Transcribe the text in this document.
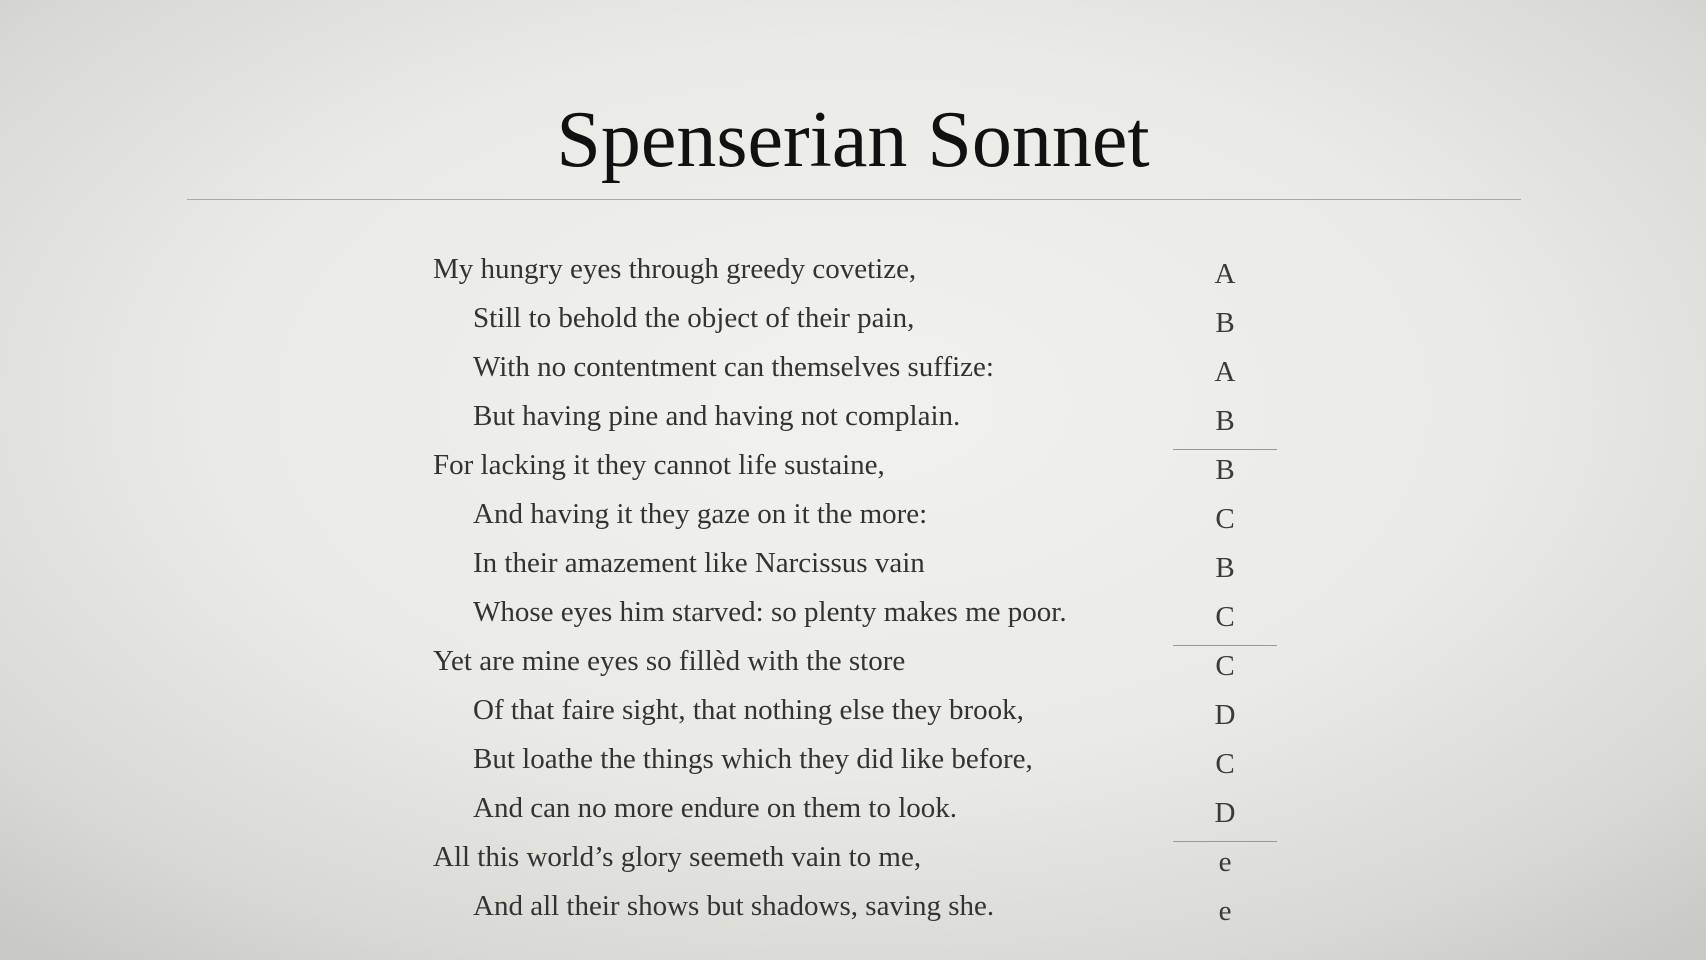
Spenserian Sonnet
My hungry eyes through greedy covetize,
Still to behold the object of their pain,
With no contentment can themselves suffize:
But having pine and having not complain.
For lacking it they cannot life sustaine,
And having it they gaze on it the more:
In their amazement like Narcissus vain
Whose eyes him starved: so plenty makes me poor.
Yet are mine eyes so fillèd with the store
Of that faire sight, that nothing else they brook,
But loathe the things which they did like before,
And can no more endure on them to look.
All this world’s glory seemeth vain to me,
And all their shows but shadows, saving she.
A
B
A
B
B
C
B
C
C
D
C
D
e
e
